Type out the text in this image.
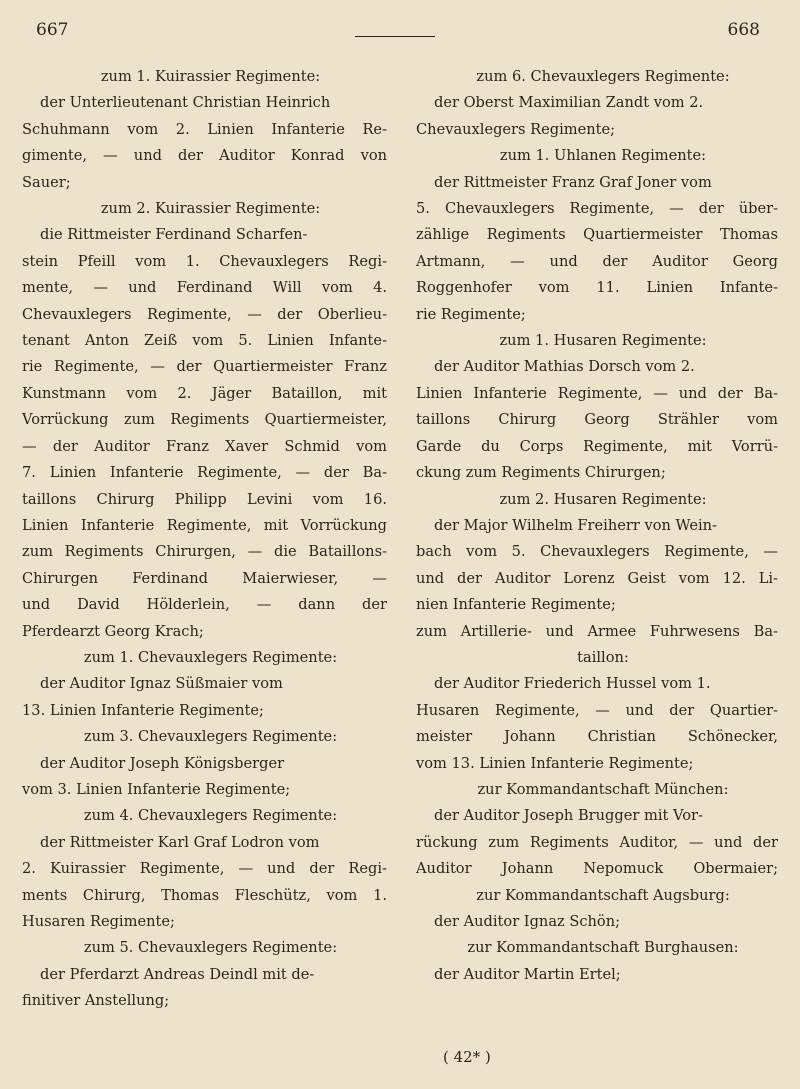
667	668
zum 1. Kuirassier Regimente:
der Unterlieutenant Christian Heinrich
Schuhmann vom 2. Linien Infanterie Re-
gimente, — und der Auditor Konrad von
Sauer;
zum 2. Kuirassier Regimente:
die Rittmeister Ferdinand Scharfen-
stein Pfeill vom 1. Chevauxlegers Regi-
mente, — und Ferdinand Will vom 4.
Chevauxlegers Regimente, — der Oberlieu-
tenant Anton Zeiß vom 5. Linien Infante-
rie Regimente, — der Quartiermeister Franz
Kunstmann vom 2. Jäger Bataillon, mit
Vorrückung zum Regiments Quartiermeister,
— der Auditor Franz Xaver Schmid vom
7. Linien Infanterie Regimente, — der Ba-
taillons Chirurg Philipp Levini vom 16.
Linien Infanterie Regimente, mit Vorrückung
zum Regiments Chirurgen, — die Bataillons-
Chirurgen Ferdinand Maierwieser, —
und David Hölderlein, — dann der
Pferdearzt Georg Krach;
zum 1. Chevauxlegers Regimente:
der Auditor Ignaz Süßmaier vom
13. Linien Infanterie Regimente;
zum 3. Chevauxlegers Regimente:
der Auditor Joseph Königsberger
vom 3. Linien Infanterie Regimente;
zum 4. Chevauxlegers Regimente:
der Rittmeister Karl Graf Lodron vom
2. Kuirassier Regimente, — und der Regi-
ments Chirurg, Thomas Fleschütz, vom 1.
Husaren Regimente;
zum 5. Chevauxlegers Regimente:
der Pferdarzt Andreas Deindl mit de-
finitiver Anstellung;
zum 6. Chevauxlegers Regimente:
der Oberst Maximilian Zandt vom 2.
Chevauxlegers Regimente;
zum 1. Uhlanen Regimente:
der Rittmeister Franz Graf Joner vom
5. Chevauxlegers Regimente, — der über-
zählige Regiments Quartiermeister Thomas
Artmann, — und der Auditor Georg
Roggenhofer vom 11. Linien Infante-
rie Regimente;
zum 1. Husaren Regimente:
der Auditor Mathias Dorsch vom 2.
Linien Infanterie Regimente, — und der Ba-
taillons Chirurg Georg Strähler vom
Garde du Corps Regimente, mit Vorrü-
ckung zum Regiments Chirurgen;
zum 2. Husaren Regimente:
der Major Wilhelm Freiherr von Wein-
bach vom 5. Chevauxlegers Regimente, —
und der Auditor Lorenz Geist vom 12. Li-
nien Infanterie Regimente;
zum Artillerie- und Armee Fuhrwesens Ba-
taillon:
der Auditor Friederich Hussel vom 1.
Husaren Regimente, — und der Quartier-
meister Johann Christian Schönecker,
vom 13. Linien Infanterie Regimente;
zur Kommandantschaft München:
der Auditor Joseph Brugger mit Vor-
rückung zum Regiments Auditor, — und der
Auditor Johann Nepomuck Obermaier;
zur Kommandantschaft Augsburg:
der Auditor Ignaz Schön;
zur Kommandantschaft Burghausen:
der Auditor Martin Ertel;
( 42* )
